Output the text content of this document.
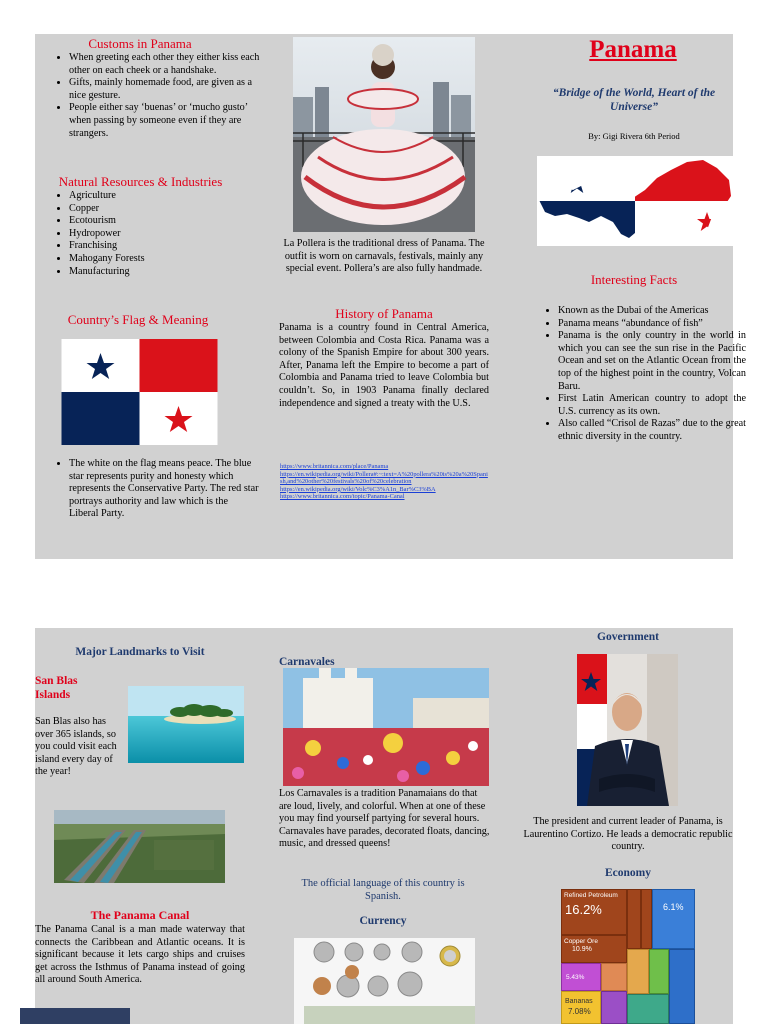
Customs in Panama
• When greeting each other they either kiss each other on each cheek or a handshake.
• Gifts, mainly homemade food, are given as a nice gesture.
• People either say ‘buenas’ or ‘mucho gusto’ when passing by someone even if they are strangers.
Natural Resources & Industries
• Agriculture
• Copper
• Ecotourism
• Hydropower
• Franchising
• Mahogany Forests
• Manufacturing
Country’s Flag & Meaning
• The white on the flag means peace. The blue star represents purity and honesty which represents the Conservative Party. The red star portrays authority and law which is the Liberal Party.

La Pollera is the traditional dress of Panama. The outfit is worn on carnavals, festivals, mainly any special event. Pollera’s are also fully handmade.

History of Panama

Panama is a country found in Central America, between Colombia and Costa Rica. Panama was a colony of the Spanish Empire for about 300 years. After, Panama left the Empire to become a part of Colombia and Panama tried to leave Colombia but couldn’t. So, in 1903 Panama finally declared independence and signed a treaty with the U.S.

https://www.britannica.com/place/Panama
https://en.wikipedia.org/wiki/Pollera#:~:text=A%20pollera%20is%20a%20Spanish,and%20other%20festivals%20of%20celebration
https://en.wikipedia.org/wiki/Volc%C3%A1n_Bar%C3%BA
https://www.britannica.com/topic/Panama-Canal
Panama

“Bridge of the World, Heart of the Universe”

By: Gigi Rivera 6th Period

Interesting Facts
• Known as the Dubai of the Americas
• Panama means “abundance of fish”
• Panama is the only country in the world in which you can see the sun rise in the Pacific Ocean and set on the Atlantic Ocean from the top of the highest point in the country, Volcan Baru.
• First Latin American country to adopt the U.S. currency as its own.
• Also called “Crisol de Razas” due to the great ethnic diversity in the country.
Major Landmarks to Visit
San Blas Islands

San Blas also has over 365 islands, so you could visit each island every day of the year!

The Panama Canal

The Panama Canal is a man made waterway that connects the Caribbean and Atlantic oceans. It is significant because it lets cargo ships and cruises get across the Isthmus of Panama instead of going all around South America.

Carnavales

Los Carnavales is a tradition Panamaians do that are loud, lively, and colorful. When at one of these you may find yourself partying for several hours. Carnavales have parades, decorated floats, dancing, music, and dressed queens!

The official language of this country is Spanish.

Currency
Government

The president and current leader of Panama, is Laurentino Cortizo. He leads a democratic republic country.

Economy
Refined Petroleum
16.2%
Copper Ore
10.9%
6.1%
5.43%
Bananas
7.08%
